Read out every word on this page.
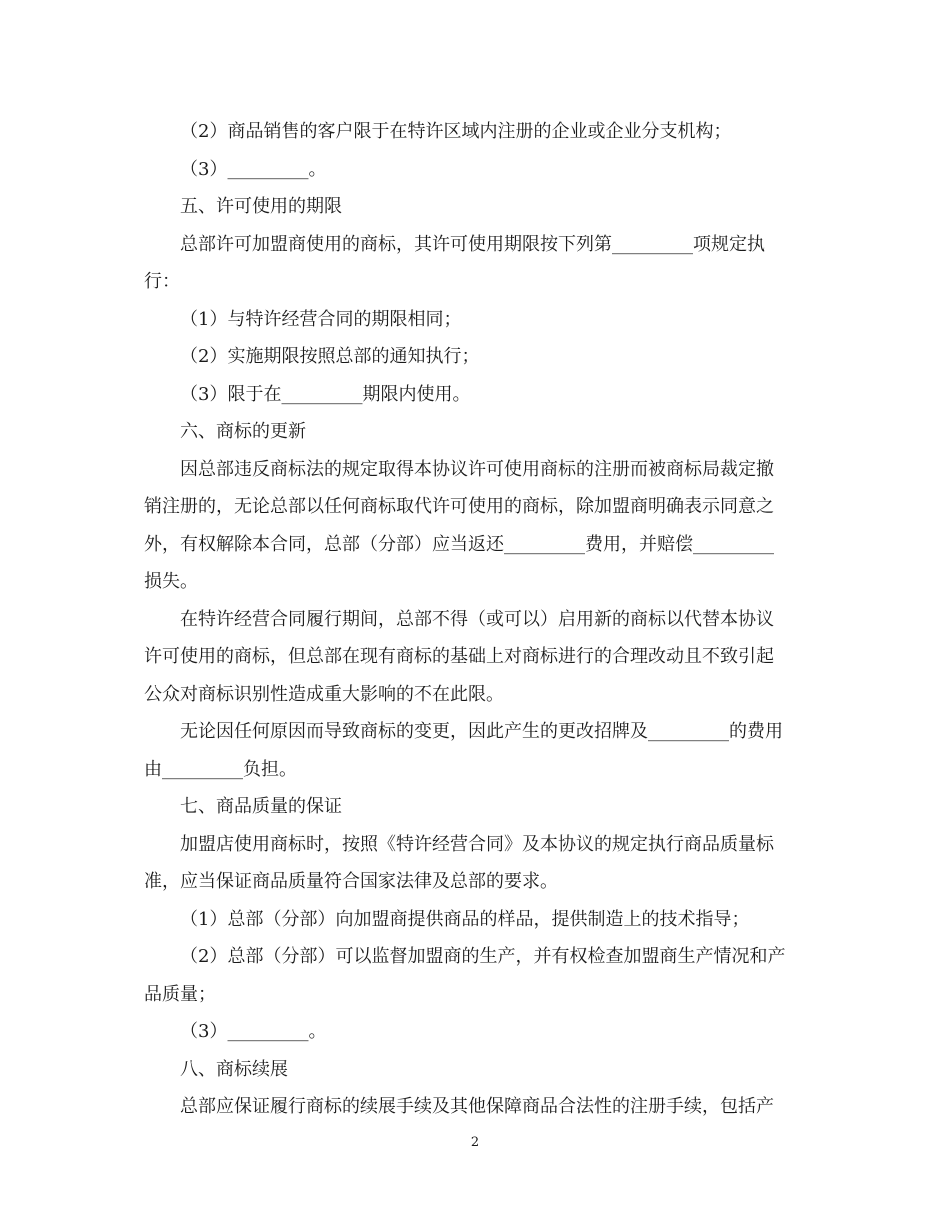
（2）商品销售的客户限于在特许区域内注册的企业或企业分支机构；
（3）_________。
五、许可使用的期限
总部许可加盟商使用的商标，其许可使用期限按下列第_________项规定执
行：
（1）与特许经营合同的期限相同；
（2）实施期限按照总部的通知执行；
（3）限于在_________期限内使用。
六、商标的更新
因总部违反商标法的规定取得本协议许可使用商标的注册而被商标局裁定撤
销注册的，无论总部以任何商标取代许可使用的商标，除加盟商明确表示同意之
外，有权解除本合同，总部（分部）应当返还_________费用，并赔偿_________
损失。
在特许经营合同履行期间，总部不得（或可以）启用新的商标以代替本协议
许可使用的商标，但总部在现有商标的基础上对商标进行的合理改动且不致引起
公众对商标识别性造成重大影响的不在此限。
无论因任何原因而导致商标的变更，因此产生的更改招牌及_________的费用
由_________负担。
七、商品质量的保证
加盟店使用商标时，按照《特许经营合同》及本协议的规定执行商品质量标
准，应当保证商品质量符合国家法律及总部的要求。
（1）总部（分部）向加盟商提供商品的样品，提供制造上的技术指导；
（2）总部（分部）可以监督加盟商的生产，并有权检查加盟商生产情况和产
品质量；
（3）_________。
八、商标续展
总部应保证履行商标的续展手续及其他保障商品合法性的注册手续，包括产
2
